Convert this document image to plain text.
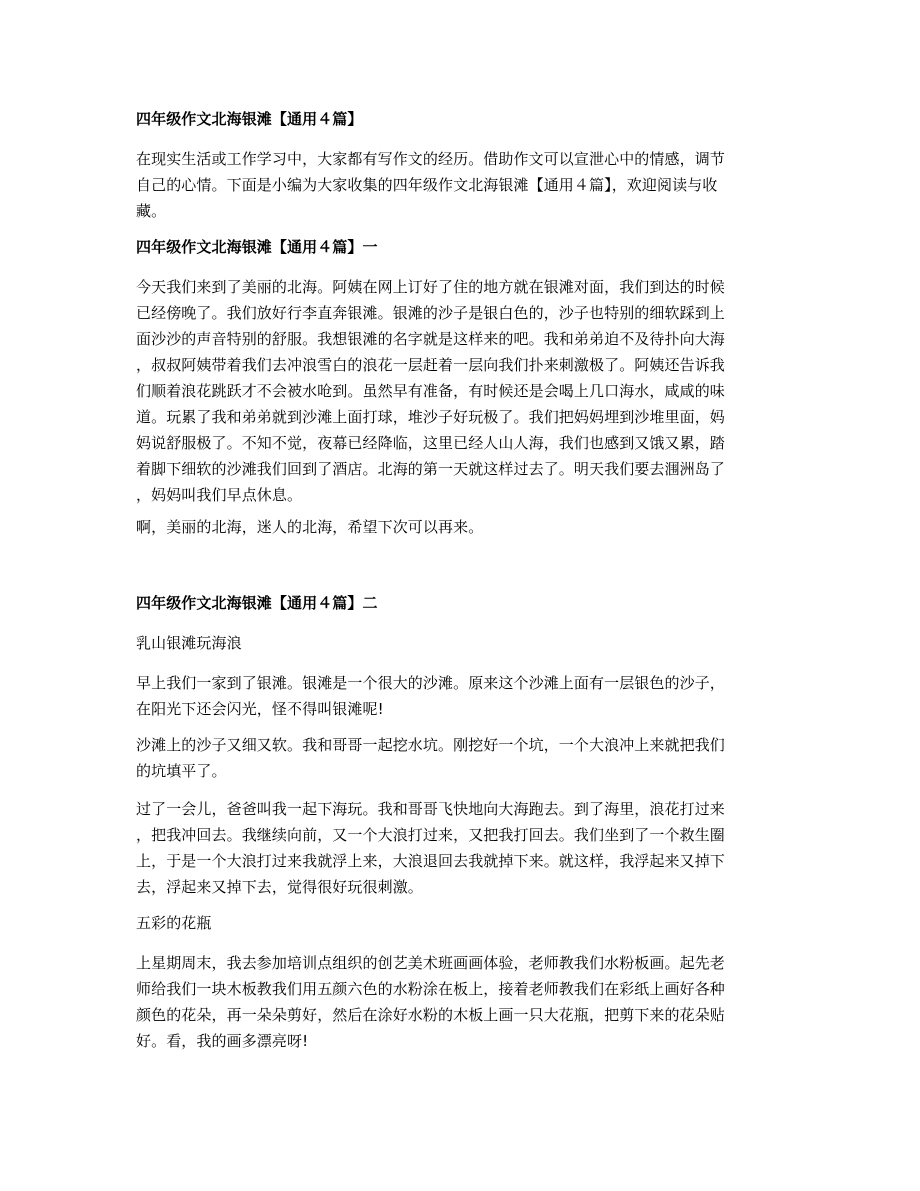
四年级作文北海银滩【通用４篇】
在现实生活或工作学习中，大家都有写作文的经历。借助作文可以宣泄心中的情感，调节
自己的心情。下面是小编为大家收集的四年级作文北海银滩【通用４篇】，欢迎阅读与收
藏。
四年级作文北海银滩【通用４篇】一
今天我们来到了美丽的北海。阿姨在网上订好了住的地方就在银滩对面，我们到达的时候
已经傍晚了。我们放好行李直奔银滩。银滩的沙子是银白色的，沙子也特别的细软踩到上
面沙沙的声音特别的舒服。我想银滩的名字就是这样来的吧。我和弟弟迫不及待扑向大海
，叔叔阿姨带着我们去冲浪雪白的浪花一层赶着一层向我们扑来刺激极了。阿姨还告诉我
们顺着浪花跳跃才不会被水呛到。虽然早有准备，有时候还是会喝上几口海水，咸咸的味
道。玩累了我和弟弟就到沙滩上面打球，堆沙子好玩极了。我们把妈妈埋到沙堆里面，妈
妈说舒服极了。不知不觉，夜幕已经降临，这里已经人山人海，我们也感到又饿又累，踏
着脚下细软的沙滩我们回到了酒店。北海的第一天就这样过去了。明天我们要去涠洲岛了
，妈妈叫我们早点休息。
啊，美丽的北海，迷人的北海，希望下次可以再来。
四年级作文北海银滩【通用４篇】二
乳山银滩玩海浪
早上我们一家到了银滩。银滩是一个很大的沙滩。原来这个沙滩上面有一层银色的沙子，
在阳光下还会闪光，怪不得叫银滩呢!
沙滩上的沙子又细又软。我和哥哥一起挖水坑。刚挖好一个坑，一个大浪冲上来就把我们
的坑填平了。
过了一会儿，爸爸叫我一起下海玩。我和哥哥飞快地向大海跑去。到了海里，浪花打过来
，把我冲回去。我继续向前，又一个大浪打过来，又把我打回去。我们坐到了一个救生圈
上，于是一个大浪打过来我就浮上来，大浪退回去我就掉下来。就这样，我浮起来又掉下
去，浮起来又掉下去，觉得很好玩很刺激。
五彩的花瓶
上星期周末，我去参加培训点组织的创艺美术班画画体验，老师教我们水粉板画。起先老
师给我们一块木板教我们用五颜六色的水粉涂在板上，接着老师教我们在彩纸上画好各种
颜色的花朵，再一朵朵剪好，然后在涂好水粉的木板上画一只大花瓶，把剪下来的花朵贴
好。看，我的画多漂亮呀!
